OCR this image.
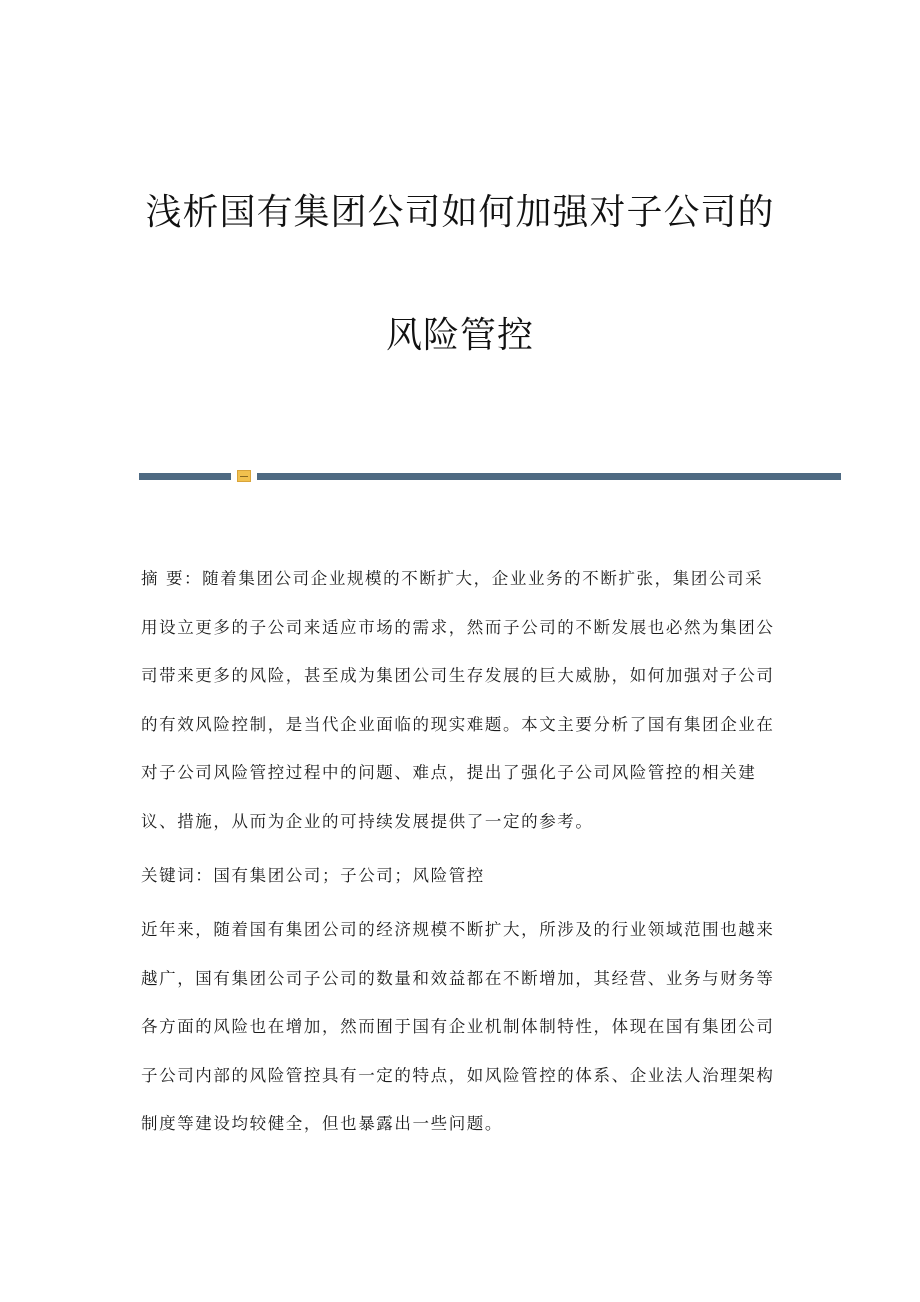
浅析国有集团公司如何加强对子公司的
风险管控

摘 要：随着集团公司企业规模的不断扩大，企业业务的不断扩张，集团公司采用设立更多的子公司来适应市场的需求，然而子公司的不断发展也必然为集团公司带来更多的风险，甚至成为集团公司生存发展的巨大威胁，如何加强对子公司的有效风险控制，是当代企业面临的现实难题。本文主要分析了国有集团企业在对子公司风险管控过程中的问题、难点，提出了强化子公司风险管控的相关建议、措施，从而为企业的可持续发展提供了一定的参考。

关键词：国有集团公司；子公司；风险管控

近年来，随着国有集团公司的经济规模不断扩大，所涉及的行业领域范围也越来越广，国有集团公司子公司的数量和效益都在不断增加，其经营、业务与财务等各方面的风险也在增加，然而囿于国有企业机制体制特性，体现在国有集团公司子公司内部的风险管控具有一定的特点，如风险管控的体系、企业法人治理架构制度等建设均较健全，但也暴露出一些问题。
